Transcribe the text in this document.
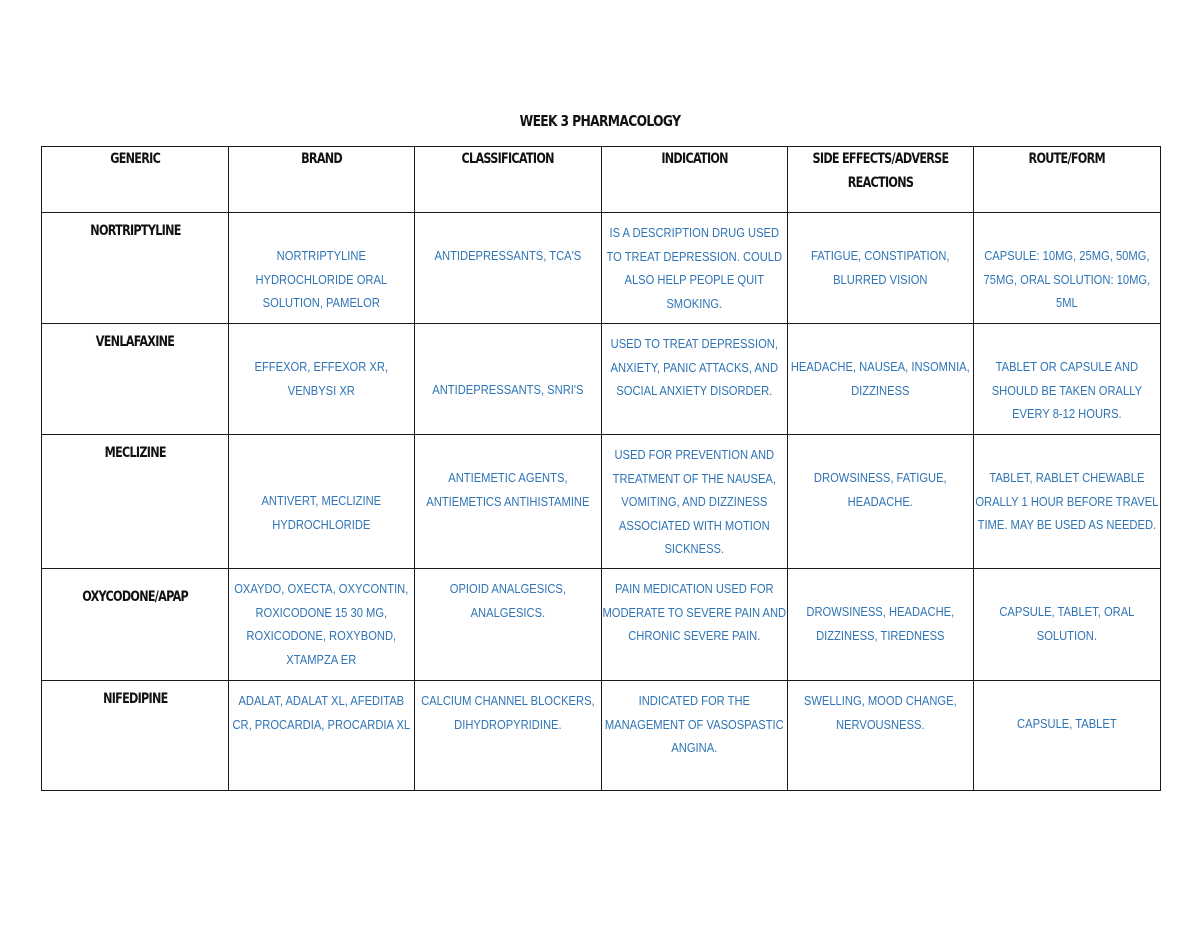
WEEK 3 PHARMACOLOGY
GENERIC	BRAND	CLASSIFICATION	INDICATION	SIDE EFFECTS/ADVERSE REACTIONS	ROUTE/FORM
NORTRIPTYLINE	NORTRIPTYLINE HYDROCHLORIDE ORAL SOLUTION, PAMELOR	ANTIDEPRESSANTS, TCA'S	IS A DESCRIPTION DRUG USED TO TREAT DEPRESSION. COULD ALSO HELP PEOPLE QUIT SMOKING.	FATIGUE, CONSTIPATION, BLURRED VISION	CAPSULE: 10MG, 25MG, 50MG, 75MG, ORAL SOLUTION: 10MG, 5ML
VENLAFAXINE	EFFEXOR, EFFEXOR XR, VENBYSI XR	ANTIDEPRESSANTS, SNRI'S	USED TO TREAT DEPRESSION, ANXIETY, PANIC ATTACKS, AND SOCIAL ANXIETY DISORDER.	HEADACHE, NAUSEA, INSOMNIA, DIZZINESS	TABLET OR CAPSULE AND SHOULD BE TAKEN ORALLY EVERY 8-12 HOURS.
MECLIZINE	ANTIVERT, MECLIZINE HYDROCHLORIDE	ANTIEMETIC AGENTS, ANTIEMETICS ANTIHISTAMINE	USED FOR PREVENTION AND TREATMENT OF THE NAUSEA, VOMITING, AND DIZZINESS ASSOCIATED WITH MOTION SICKNESS.	DROWSINESS, FATIGUE, HEADACHE.	TABLET, RABLET CHEWABLE ORALLY 1 HOUR BEFORE TRAVEL TIME. MAY BE USED AS NEEDED.
OXYCODONE/APAP	OXAYDO, OXECTA, OXYCONTIN, ROXICODONE 15 30 MG, ROXICODONE, ROXYBOND, XTAMPZA ER	OPIOID ANALGESICS, ANALGESICS.	PAIN MEDICATION USED FOR MODERATE TO SEVERE PAIN AND CHRONIC SEVERE PAIN.	DROWSINESS, HEADACHE, DIZZINESS, TIREDNESS	CAPSULE, TABLET, ORAL SOLUTION.
NIFEDIPINE	ADALAT, ADALAT XL, AFEDITAB CR, PROCARDIA, PROCARDIA XL	CALCIUM CHANNEL BLOCKERS, DIHYDROPYRIDINE.	INDICATED FOR THE MANAGEMENT OF VASOSPASTIC ANGINA.	SWELLING, MOOD CHANGE, NERVOUSNESS.	CAPSULE, TABLET
